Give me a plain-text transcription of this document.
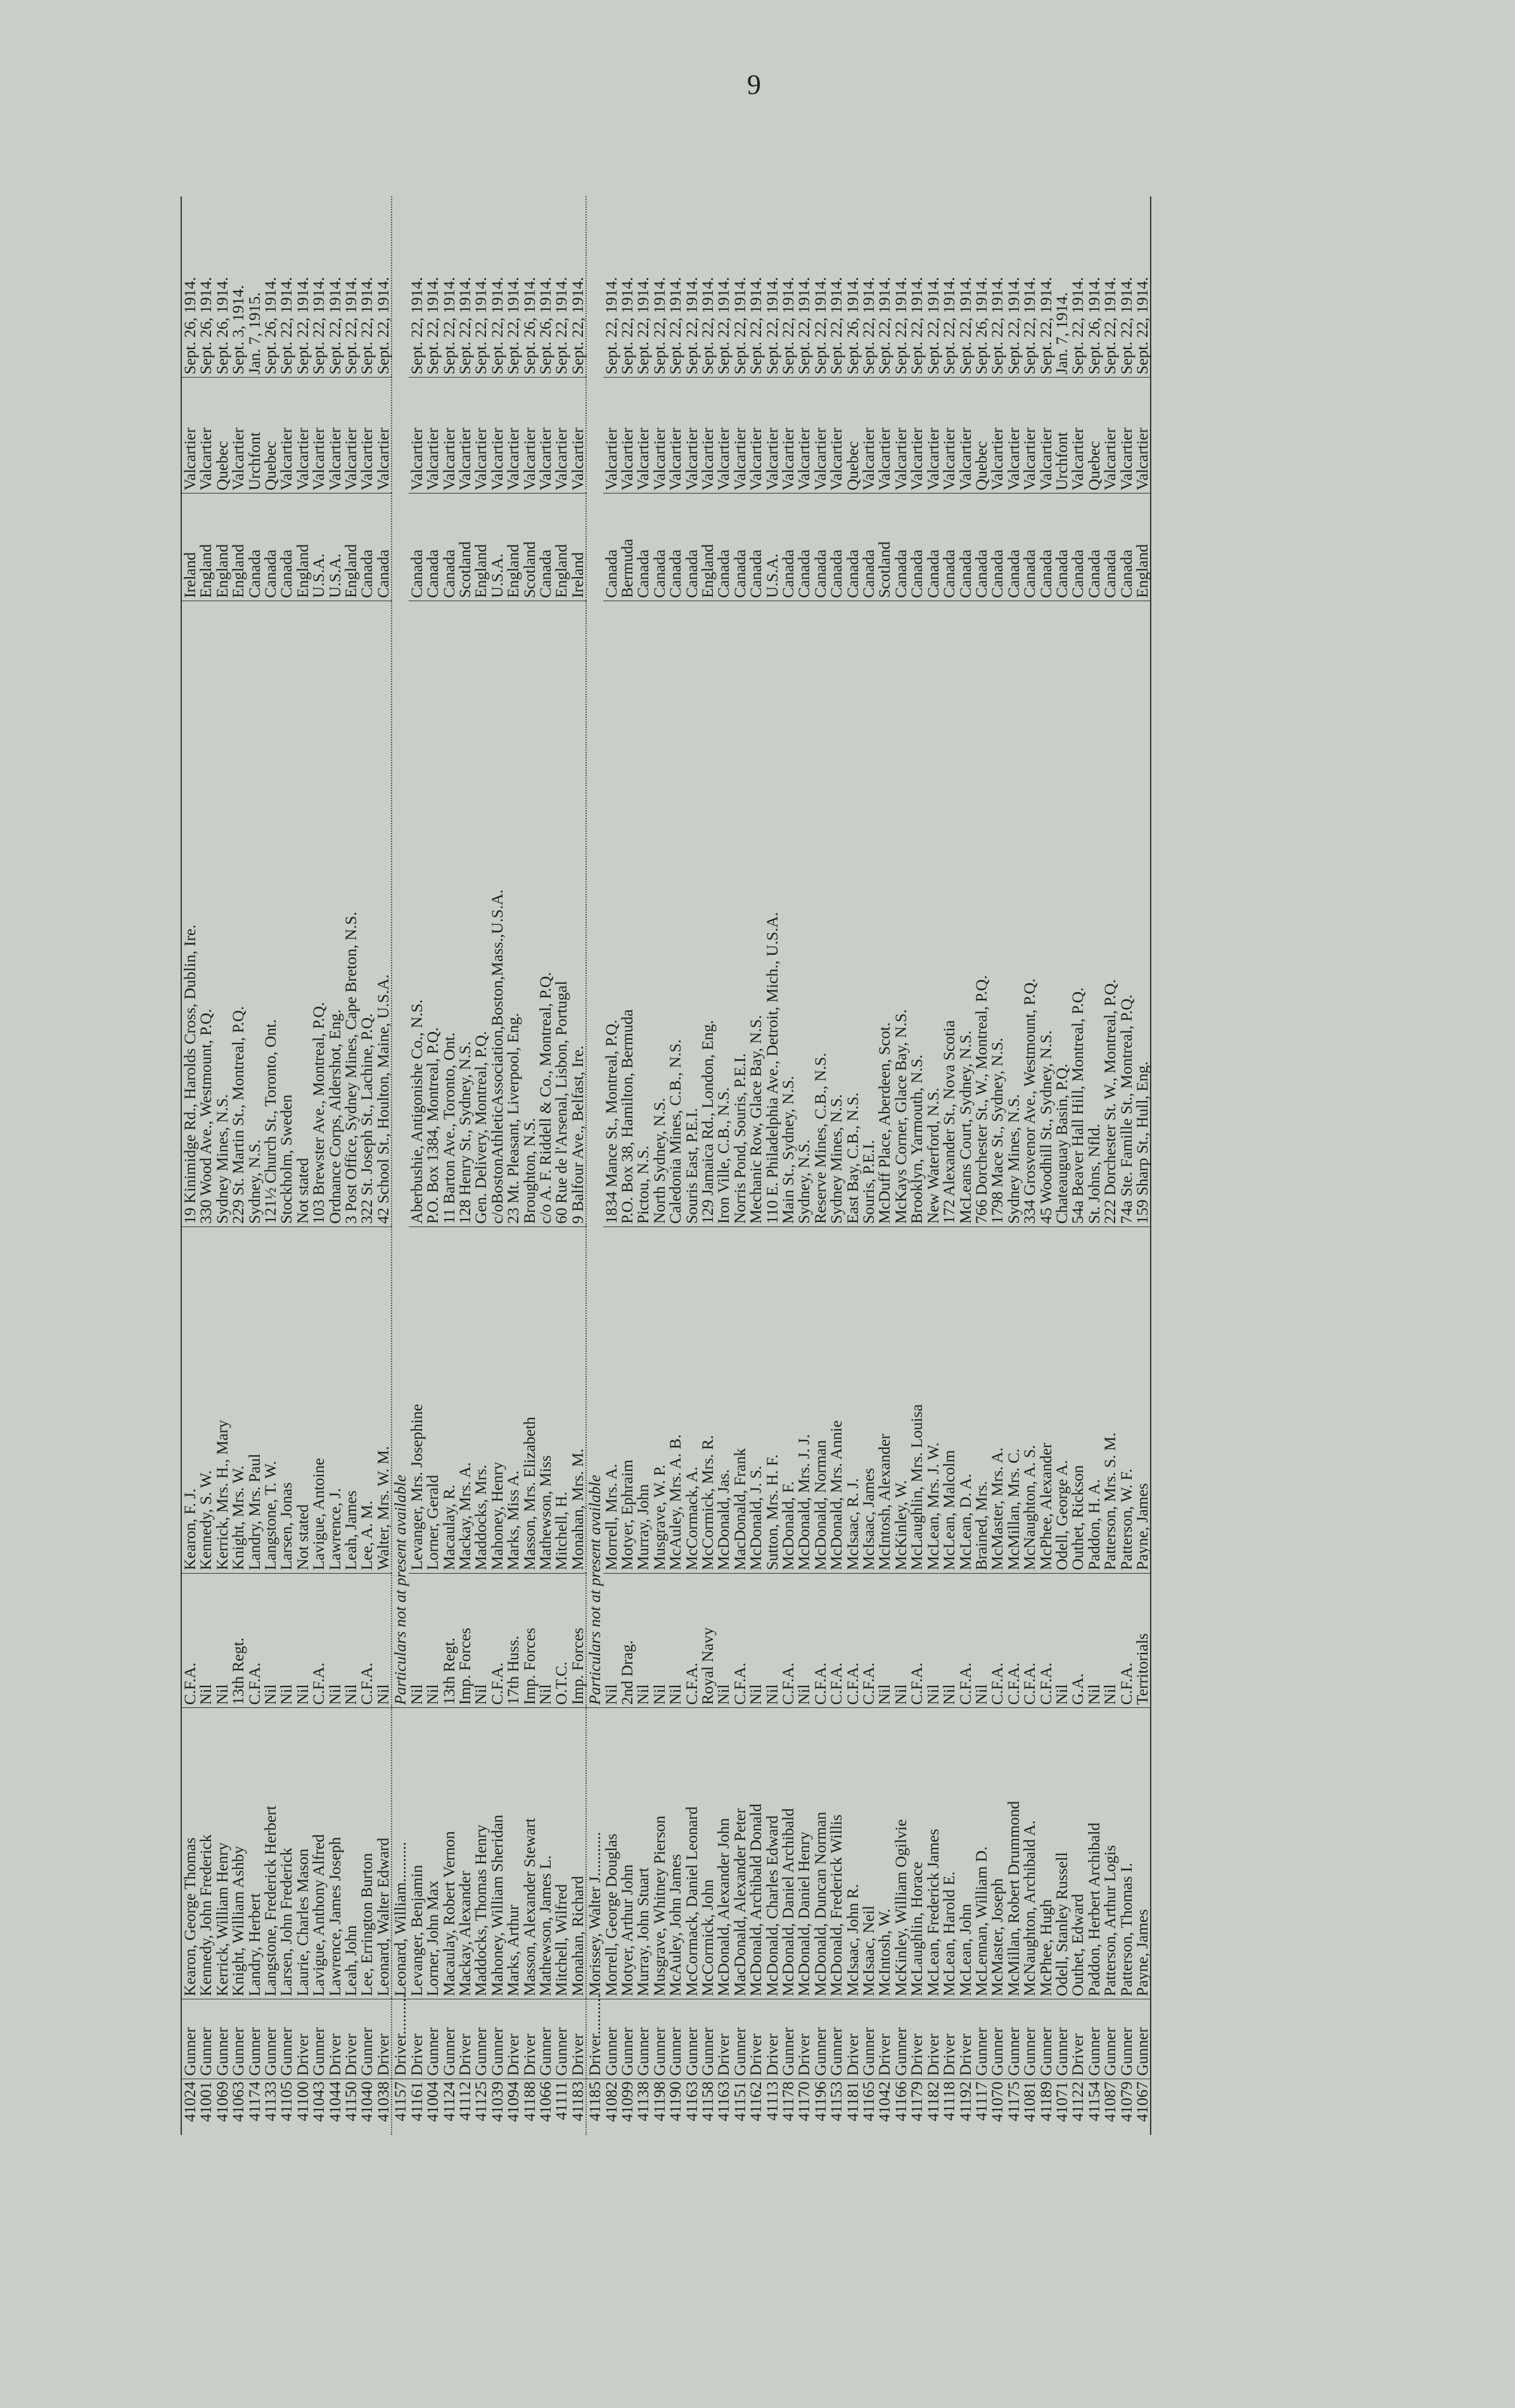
9
41024	Gunner	Kearon, George Thomas	C.F.A.	Kearon, F. J.	19 Kinimidge Rd., Harolds Cross, Dublin, Ire.	Ireland	Valcartier	Sept. 26, 1914.
41001	Gunner	Kennedy, John Frederick	Nil	Kennedy, S. W.	330 Wood Ave., Westmount, P.Q.	England	Valcartier	Sept. 26, 1914.
41069	Gunner	Kerrick, William Henry	Nil	Kerrick, Mrs. H., Mary	Sydney Mines, N.S.	England	Quebec	Sept. 26, 1914.
41063	Gunner	Knight, William Ashby	13th Regt.	Knight, Mrs. W.	229 St. Martin St., Montreal, P.Q.	England	Valcartier	Sept. 3, 1914.
41174	Gunner	Landry, Herbert	C.F.A.	Landry, Mrs. Paul	Sydney, N.S.	Canada	Urchfont	Jan. 7, 1915.
41133	Gunner	Langstone, Frederick Herbert	Nil	Langstone, T. W.	121½ Church St., Toronto, Ont.	Canada	Quebec	Sept. 26, 1914.
41105	Gunner	Larsen, John Frederick	Nil	Larsen, Jonas	Stockholm, Sweden	Canada	Valcartier	Sept. 22, 1914.
41100	Driver	Laurie, Charles Mason	Nil	Not stated	Not stated	England	Valcartier	Sept. 22, 1914.
41043	Gunner	Lavigue, Anthony Alfred	C.F.A.	Lavigue, Antoine	103 Brewster Ave., Montreal, P.Q.	U.S.A.	Valcartier	Sept. 22, 1914.
41044	Driver	Lawrence, James Joseph	Nil	Lawrence, J.	Ordnance Corps, Aldershot, Eng.	U.S.A.	Valcartier	Sept. 22, 1914.
41150	Driver	Leah, John	Nil	Leah, James	3 Post Office, Sydney Mines, Cape Breton, N.S.	England	Valcartier	Sept. 22, 1914.
41040	Gunner	Lee, Errington Burton	C.F.A.	Lee, A. M.	322 St. Joseph St., Lachine, P.Q.	Canada	Valcartier	Sept. 22, 1914.
41038	Driver	Leonard, Walter Edward	Nil	Walter, Mrs. W. M.	42 School St., Houlton, Maine, U.S.A.	Canada	Valcartier	Sept. 22, 1914.
41157	Driver..........	Leonard, William..........	Particulars not at present available					
41161	Driver	Levanger, Benjamin	Nil	Levanger, Mrs. Josephine	Aberbushie, Antigonishe Co., N.S.	Canada	Valcartier	Sept. 22, 1914.
41004	Gunner	Lorner, John Max	Nil	Lorner, Gerald	P.O. Box 1384, Montreal, P.Q.	Canada	Valcartier	Sept. 22, 1914.
41124	Gunner	Macaulay, Robert Vernon	13th Regt.	Macaulay, R.	11 Barton Ave., Toronto, Ont.	Canada	Valcartier	Sept. 22, 1914.
41112	Driver	Mackay, Alexander	Imp. Forces	Mackay, Mrs. A.	128 Henry St., Sydney, N.S.	Scotland	Valcartier	Sept. 22, 1914.
41125	Gunner	Maddocks, Thomas Henry	Nil	Maddocks, Mrs.	Gen. Delivery, Montreal, P.Q.	England	Valcartier	Sept. 22, 1914.
41039	Gunner	Mahoney, William Sheridan	C.F.A.	Mahoney, Henry	c/oBostonAthleticAssociation,Boston,Mass.,U.S.A.	U.S.A.	Valcartier	Sept. 22, 1914.
41094	Driver	Marks, Arthur	17th Huss.	Marks, Miss A.	23 Mt. Pleasant, Liverpool, Eng.	England	Valcartier	Sept. 22, 1914.
41188	Driver	Masson, Alexander Stewart	Imp. Forces	Masson, Mrs. Elizabeth	Broughton, N.S.	Scotland	Valcartier	Sept. 26, 1914.
41066	Gunner	Mathewson, James L.	Nil	Mathewson, Miss	c/o A. F. Riddell & Co., Montreal, P.Q.	Canada	Valcartier	Sept. 26, 1914.
41111	Gunner	Mitchell, Wilfred	O.T.C.	Mitchell, H.	60 Rue de l'Arsenal, Lisbon, Portugal	England	Valcartier	Sept. 22, 1914.
41183	Driver	Monahan, Richard	Imp. Forces	Monahan, Mrs. M.	9 Balfour Ave., Belfast, Ire.	Ireland	Valcartier	Sept. 22, 1914.
41185	Driver..........	Morissey, Walter J...........	Particulars not at present available					
41082	Gunner	Morrell, George Douglas	Nil	Morrell, Mrs. A.	1834 Mance St., Montreal, P.Q.	Canada	Valcartier	Sept. 22, 1914.
41099	Gunner	Motyer, Arthur John	2nd Drag.	Motyer, Ephraim	P.O. Box 38, Hamilton, Bermuda	Bermuda	Valcartier	Sept. 22, 1914.
41138	Gunner	Murray, John Stuart	Nil	Murray, John	Pictou, N.S.	Canada	Valcartier	Sept. 22, 1914.
41198	Gunner	Musgrave, Whitney Pierson	Nil	Musgrave, W. P.	North Sydney, N.S.	Canada	Valcartier	Sept. 22, 1914.
41190	Gunner	McAuley, John James	Nil	McAuley, Mrs. A. B.	Caledonia Mines, C.B., N.S.	Canada	Valcartier	Sept. 22, 1914.
41163	Gunner	McCormack, Daniel Leonard	C.F.A.	McCormack, A.	Souris East, P.E.I.	Canada	Valcartier	Sept. 22, 1914.
41158	Gunner	McCormick, John	Royal Navy	McCormick, Mrs. R.	129 Jamaica Rd., London, Eng.	England	Valcartier	Sept. 22, 1914.
41163	Driver	McDonald, Alexander John	Nil	McDonald, Jas.	Iron Ville, C.B., N.S.	Canada	Valcartier	Sept. 22, 1914.
41151	Gunner	MacDonald, Alexander Peter	C.F.A.	MacDonald, Frank	Norris Pond, Souris, P.E.I.	Canada	Valcartier	Sept. 22, 1914.
41162	Driver	McDonald, Archibald Donald	Nil	McDonald, J. S.	Mechanic Row, Glace Bay, N.S.	Canada	Valcartier	Sept. 22, 1914.
41113	Driver	McDonald, Charles Edward	Nil	Sutton, Mrs. H. F.	110 E. Philadelphia Ave., Detroit, Mich., U.S.A.	U.S.A.	Valcartier	Sept. 22, 1914.
41178	Gunner	McDonald, Daniel Archibald	C.F.A.	McDonald, F.	Main St., Sydney, N.S.	Canada	Valcartier	Sept. 22, 1914.
41170	Driver	McDonald, Daniel Henry	Nil	McDonald, Mrs. J. J.	Sydney, N.S.	Canada	Valcartier	Sept. 22, 1914.
41196	Gunner	McDonald, Duncan Norman	C.F.A.	McDonald, Norman	Reserve Mines, C.B., N.S.	Canada	Valcartier	Sept. 22, 1914.
41153	Gunner	McDonald, Frederick Willis	C.F.A.	McDonald, Mrs. Annie	Sydney Mines, N.S.	Canada	Valcartier	Sept. 22, 1914.
41181	Driver	McIsaac, John R.	C.F.A.	McIsaac, R. J.	East Bay, C.B., N.S.	Canada	Quebec	Sept. 26, 1914.
41165	Gunner	McIsaac, Neil	C.F.A.	McIsaac, James	Souris, P.E.I.	Canada	Valcartier	Sept. 22, 1914.
41042	Driver	McIntosh, W.	Nil	McIntosh, Alexander	McDuff Place, Aberdeen, Scot.	Scotland	Valcartier	Sept. 22, 1914.
41166	Gunner	McKinley, William Ogilvie	Nil	McKinley, W.	McKays Corner, Glace Bay, N.S.	Canada	Valcartier	Sept. 22, 1914.
41179	Driver	McLaughlin, Horace	C.F.A.	McLaughlin, Mrs. Louisa	Brooklyn, Yarmouth, N.S.	Canada	Valcartier	Sept. 22, 1914.
41182	Driver	McLean, Frederick James	Nil	McLean, Mrs. J. W.	New Waterford, N.S.	Canada	Valcartier	Sept. 22, 1914.
41118	Driver	McLean, Harold E.	Nil	McLean, Malcolm	172 Alexander St., Nova Scotia	Canada	Valcartier	Sept. 22, 1914.
41192	Driver	McLean, John	C.F.A.	McLean, D. A.	McLeans Court, Sydney, N.S.	Canada	Valcartier	Sept. 22, 1914.
41117	Gunner	McLennan, William D.	Nil	Brained, Mrs.	766 Dorchester St., W., Montreal, P.Q.	Canada	Quebec	Sept. 26, 1914.
41070	Gunner	McMaster, Joseph	C.F.A.	McMaster, Mrs. A.	1798 Mace St., Sydney, N.S.	Canada	Valcartier	Sept. 22, 1914.
41175	Gunner	McMillan, Robert Drummond	C.F.A.	McMillan, Mrs. C.	Sydney Mines, N.S.	Canada	Valcartier	Sept. 22, 1914.
41081	Gunner	McNaughton, Archibald A.	C.F.A.	McNaughton, A. S.	334 Grosvenor Ave., Westmount, P.Q.	Canada	Valcartier	Sept. 22, 1914.
41189	Gunner	McPhee, Hugh	C.F.A.	McPhee, Alexander	45 Woodhill St., Sydney, N.S.	Canada	Valcartier	Sept. 22, 1914.
41071	Gunner	Odell, Stanley Russell	Nil	Odell, George A.	Chateauguay Basin, P.Q.	Canada	Urchfont	Jan. 7, 1914.
41122	Driver	Outhet, Edward	G.A.	Outhet, Rickson	54a Beaver Hall Hill, Montreal, P.Q.	Canada	Valcartier	Sept. 22, 1914.
41154	Gunner	Paddon, Herbert Archibald	Nil	Paddon, H. A.	St. Johns, Nfld.	Canada	Quebec	Sept. 26, 1914.
41087	Gunner	Patterson, Arthur Logis	Nil	Patterson, Mrs. S. M.	222 Dorchester St. W., Montreal, P.Q.	Canada	Valcartier	Sept. 22, 1914.
41079	Gunner	Patterson, Thomas I.	C.F.A.	Patterson, W. F.	74a Ste. Famille St., Montreal, P.Q.	Canada	Valcartier	Sept. 22, 1914.
41067	Gunner	Payne, James	Territorials	Payne, James	159 Sharp St., Hull, Eng.	England	Valcartier	Sept. 22, 1914.
